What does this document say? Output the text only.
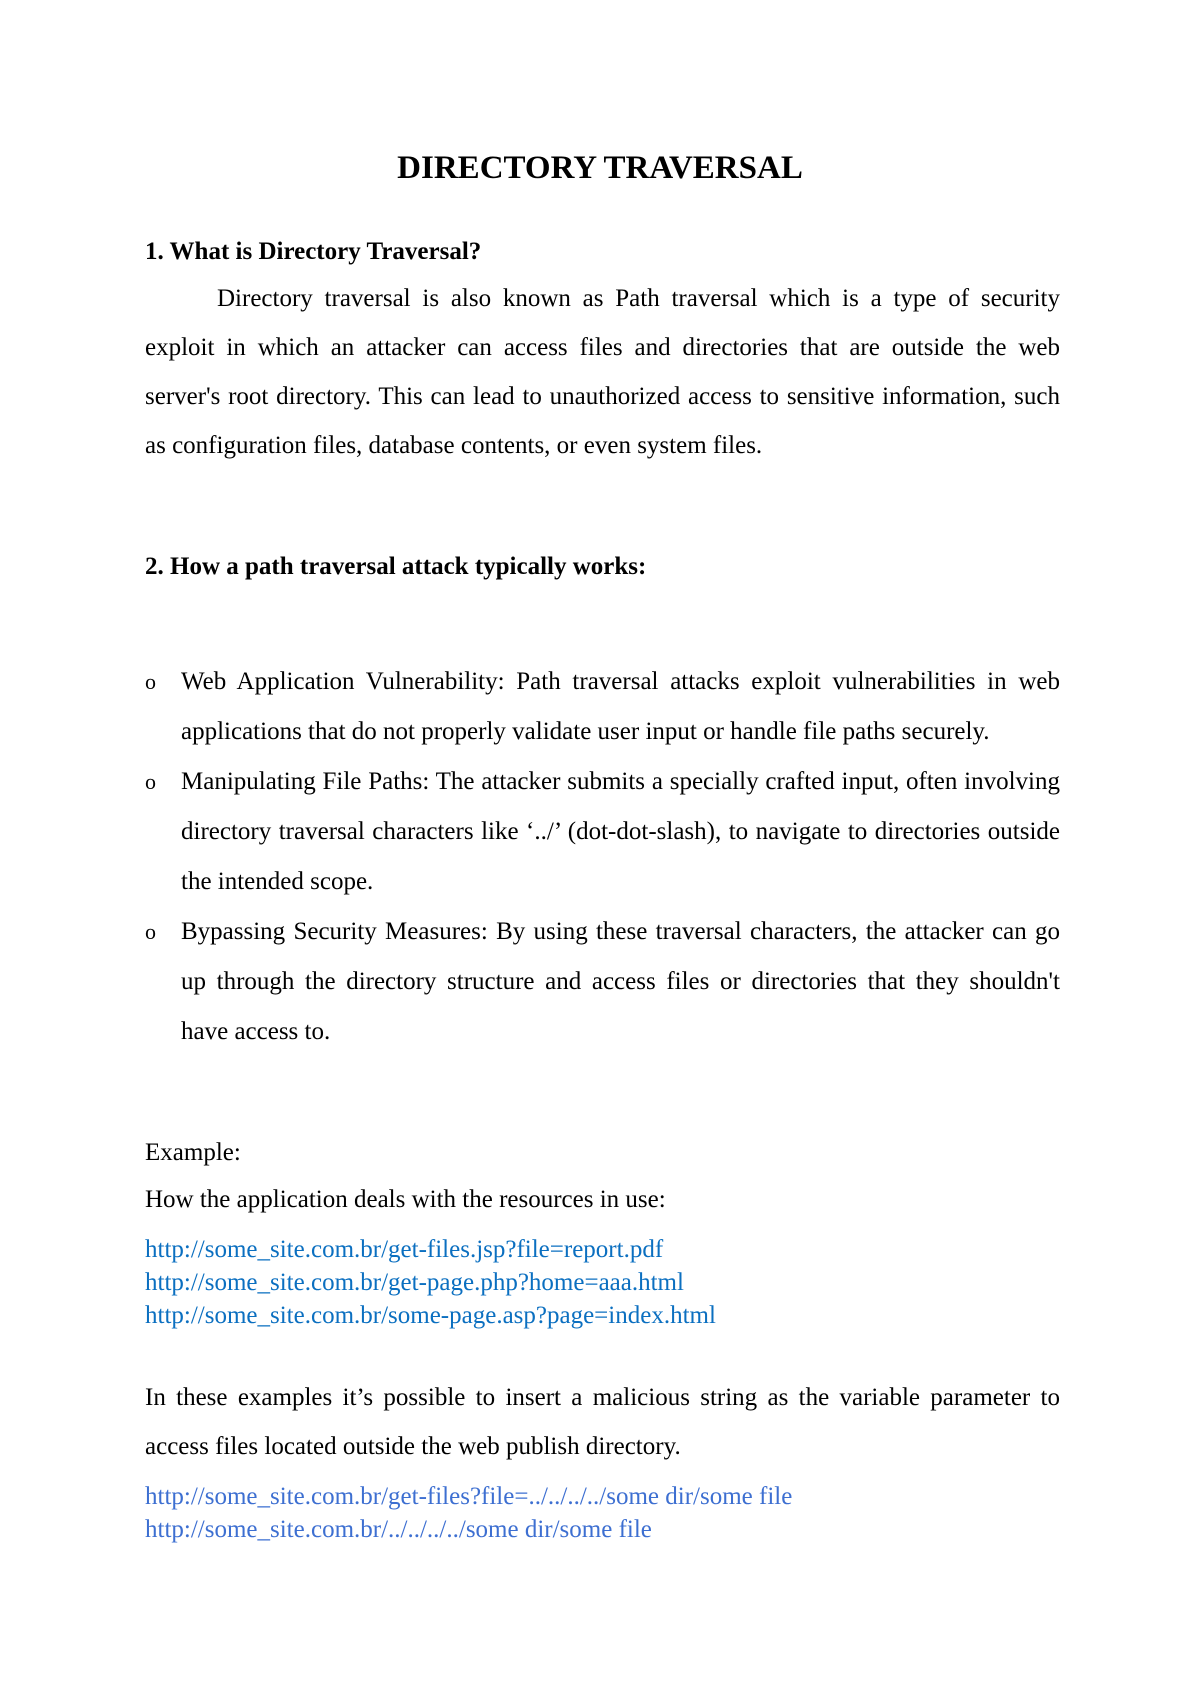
DIRECTORY TRAVERSAL
1. What is Directory Traversal?
Directory traversal is also known as Path traversal which is a type of security exploit in which an attacker can access files and directories that are outside the web server's root directory. This can lead to unauthorized access to sensitive information, such as configuration files, database contents, or even system files.
2. How a path traversal attack typically works:
o Web Application Vulnerability: Path traversal attacks exploit vulnerabilities in web applications that do not properly validate user input or handle file paths securely.
o Manipulating File Paths: The attacker submits a specially crafted input, often involving directory traversal characters like ‘../’ (dot-dot-slash), to navigate to directories outside the intended scope.
o Bypassing Security Measures: By using these traversal characters, the attacker can go up through the directory structure and access files or directories that they shouldn't have access to.
Example:
How the application deals with the resources in use:
http://some_site.com.br/get-files.jsp?file=report.pdf
http://some_site.com.br/get-page.php?home=aaa.html
http://some_site.com.br/some-page.asp?page=index.html
In these examples it’s possible to insert a malicious string as the variable parameter to access files located outside the web publish directory.
http://some_site.com.br/get-files?file=../../../../some dir/some file
http://some_site.com.br/../../../../some dir/some file
